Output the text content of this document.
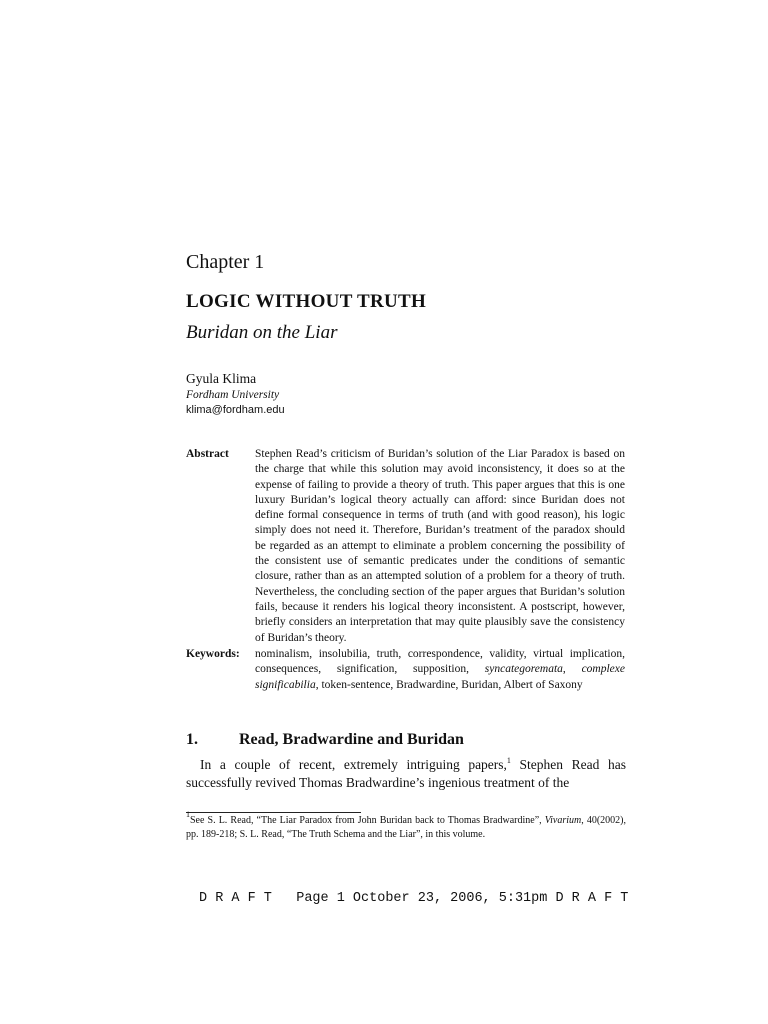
Chapter 1
LOGIC WITHOUT TRUTH
Buridan on the Liar
Gyula Klima
Fordham University
klima@fordham.edu
Abstract Stephen Read’s criticism of Buridan’s solution of the Liar Paradox is based on the charge that while this solution may avoid inconsistency, it does so at the expense of failing to provide a theory of truth. This paper argues that this is one luxury Buridan’s logical theory actually can afford: since Buridan does not define formal consequence in terms of truth (and with good reason), his logic simply does not need it. Therefore, Buridan’s treatment of the paradox should be regarded as an attempt to eliminate a problem concerning the possibility of the consistent use of semantic predicates under the conditions of semantic closure, rather than as an attempted solution of a problem for a theory of truth. Nevertheless, the concluding section of the paper argues that Buridan’s solution fails, because it renders his logical theory inconsistent. A postscript, however, briefly considers an interpretation that may quite plausibly save the consistency of Buridan’s theory.
Keywords: nominalism, insolubilia, truth, correspondence, validity, virtual implication, consequences, signification, supposition, syncategoremata, complexe significabilia, token-sentence, Bradwardine, Buridan, Albert of Saxony
1.	Read, Bradwardine and Buridan
In a couple of recent, extremely intriguing papers,$^1$ Stephen Read has successfully revived Thomas Bradwardine’s ingenious treatment of the
$^1$See S. L. Read, “The Liar Paradox from John Buridan back to Thomas Bradwardine”, Vivarium, 40(2002), pp. 189-218; S. L. Read, “The Truth Schema and the Liar”, in this volume.
D R A F T   Page 1 October 23, 2006, 5:31pm D R A F T
